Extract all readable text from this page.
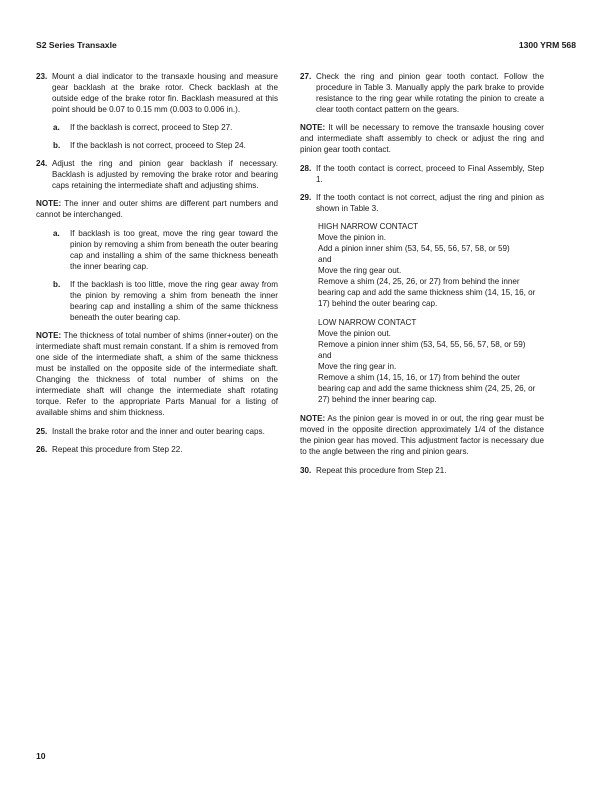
S2 Series Transaxle	1300 YRM 568
23. Mount a dial indicator to the transaxle housing and measure gear backlash at the brake rotor. Check backlash at the outside edge of the brake rotor fin. Backlash measured at this point should be 0.07 to 0.15 mm (0.003 to 0.006 in.).
a. If the backlash is correct, proceed to Step 27.
b. If the backlash is not correct, proceed to Step 24.
24. Adjust the ring and pinion gear backlash if necessary. Backlash is adjusted by removing the brake rotor and bearing caps retaining the intermediate shaft and adjusting shims.
NOTE: The inner and outer shims are different part numbers and cannot be interchanged.
a. If backlash is too great, move the ring gear toward the pinion by removing a shim from beneath the outer bearing cap and installing a shim of the same thickness beneath the inner bearing cap.
b. If the backlash is too little, move the ring gear away from the pinion by removing a shim from beneath the inner bearing cap and installing a shim of the same thickness beneath the outer bearing cap.
NOTE: The thickness of total number of shims (inner+outer) on the intermediate shaft must remain constant. If a shim is removed from one side of the intermediate shaft, a shim of the same thickness must be installed on the opposite side of the intermediate shaft. Changing the thickness of total number of shims on the intermediate shaft will change the intermediate shaft rotating torque. Refer to the appropriate Parts Manual for a listing of available shims and shim thickness.
25. Install the brake rotor and the inner and outer bearing caps.
26. Repeat this procedure from Step 22.
27. Check the ring and pinion gear tooth contact. Follow the procedure in Table 3. Manually apply the park brake to provide resistance to the ring gear while rotating the pinion to create a clear tooth contact pattern on the gears.
NOTE: It will be necessary to remove the transaxle housing cover and intermediate shaft assembly to check or adjust the ring and pinion gear tooth contact.
28. If the tooth contact is correct, proceed to Final Assembly, Step 1.
29. If the tooth contact is not correct, adjust the ring and pinion as shown in Table 3.
HIGH NARROW CONTACT
Move the pinion in.
Add a pinion inner shim (53, 54, 55, 56, 57, 58, or 59)
and
Move the ring gear out.
Remove a shim (24, 25, 26, or 27) from behind the inner bearing cap and add the same thickness shim (14, 15, 16, or 17) behind the outer bearing cap.
LOW NARROW CONTACT
Move the pinion out.
Remove a pinion inner shim (53, 54, 55, 56, 57, 58, or 59)
and
Move the ring gear in.
Remove a shim (14, 15, 16, or 17) from behind the outer bearing cap and add the same thickness shim (24, 25, 26, or 27) behind the inner bearing cap.
NOTE: As the pinion gear is moved in or out, the ring gear must be moved in the opposite direction approximately 1/4 of the distance the pinion gear has moved. This adjustment factor is necessary due to the angle between the ring and pinion gears.
30. Repeat this procedure from Step 21.
10
